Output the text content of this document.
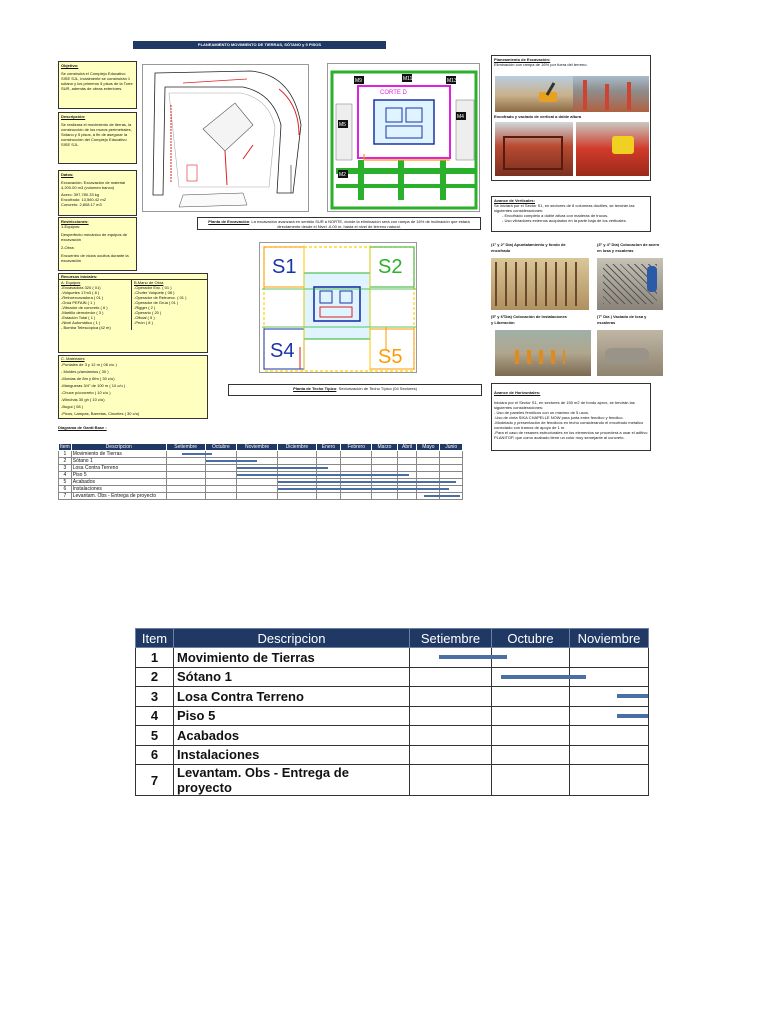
PLANEAMIENTO MOVIMIENTO DE TIERRAS, SÓTANO y 5 PISOS
Objetivo:
Se construirá el Complejo Educativo SISE SJL, incialmente se construirán 1 sótano y los primeros 5 pisos de la Torre SUR, además de obras exteriores.
Descripción:
Se realizara el movimiento de tierras, la construcción de los muros perimetrales, Sótano y 5 pisos, a fin de asegurar la construcción del Complejo Educativo SISE SJL.
Datos:
Excavación: Excavación de material 4,200.00 m3 (volumen banco)
Acero: 397,780.33 kg
Encofrado: 13,560.42 m2
Concreto: 2,808.17 m3
Restricciones:
1-Equipos:
Desperfecto mecánico de equipos de excavación
2-Obra:
Encuentro de vicios ocultos durante la excavación
Recursos Iniciales:
A. Equipos
-Excavadora 320 ( 01)
-Volquetes 17m3 ( 8 )
-Retroexcavadora ( 01 )
-Grúa PEFAIN ( 1 )
-Vibrador de concreto ( 6 )
-Martillo demoledor ( 3 )
-Estación Total ( 1 )
-Nivel Automático ( 1 )
- Bomba Telescópica (42 m)
B.Mano de Obra
-Operador Exc. ( 01 )
-Chofer Volquete ( 08 )
-Operador de Retroexc. ( 01 )
-Operador de Grúa ( 01 )
-Rigger ( 2 )
-Operario ( 20 )
-Oficial ( 5 )
-Peón ( 8 )
C. Materiales
-Puntales de 3 y 12 m ( 06 c/u )
- Moldes p/andamios ( 30 )
-Mordas de 8m y 6fm ( 30 c/u)
-Mangueras 3/4" de 100 m ( 10 c/u )
-Chuce p/concreto ( 10 c/u )
-Winchas 30 gh ( 10 c/u)
-Bugui ( 08 )
-Picos, Lampas, Barretas, Cinceles ( 30 c/u)
CORTE D
M9	M11	M13
M5
M4
M2
Planta de Excavación: La excavación avanzará en sentido SUR a NORTE, donde la eliminación será con rampa de 16% de inclinación que estará directamente desde el Nivel -6.00 m. hasta el nivel de terreno natural.
S1	S2
S4	S5
Planta de Techo Típico: Sectorización de Techo Típico (04 Sectores)
Planeamiento de Excavación:
Eliminación con rampa de 16% por fuera del terreno.
Encofrado y vaciado de vertical a doble altura
Avance de Verticales:
Se iniciará por el Sector S1, en sectores de 8 columnas dúctiles, se tendrán las siguientes consideraciones:
- Encofrado completo a doble altura con maderas de trucos.
- Uso vibradores externos acoplados en la parte baja de los verticales.
(1° y 2° Día) Apuntalamiento y fondo de encofrado
(3° y 4° Día) Colocacion de acero en losa y escaleras
(5° y 6°Día) Colocación de Instalaciones y Liberación
(7° Día ) Vaciado de losa y escaleras

Avance de Horizontales:

Iniciara por el Sector S1, en sectores de 150 m2 de fondo aprox, se tendrán las siguientes consideraciones:
- Uso de paneles fenólicos con un máximo de 5 usos.
-Uso de cinta SIKA CHAPELLE NOW para junta entre fenolico y fenolico.
-Modelado y presentación de fenolicos en techo considerando el encofrado metalico conectado con tramos de apoyo de 1 m.
-Para el caso de resanes estructurales en los elementos se procederá a usar el aditivo PLANITOP, que como acabado tiene un color muy semejante al concreto.

Diagrama de Gantt Base :
Item	Descripcion	Setiembre	Octubre	Noviembre	Diciembre	Enero	Febrero	Marzo	Abril	Mayo	Junio
1	Movimiento de Tierras	

2	Sótano 1		

3	Losa Contra Terreno			

4	Piso 5			

5	Acabados				

6	Instalaciones				

7	Levantam. Obs - Entrega de proyecto									

Item	Descripcion	Setiembre	Octubre	Noviembre
1	Movimiento de Tierras	

2	Sótano 1		

3	Losa Contra Terreno			

4	Piso 5			

5	Acabados			
6	Instalaciones			
7	Levantam. Obs - Entrega de proyecto			
